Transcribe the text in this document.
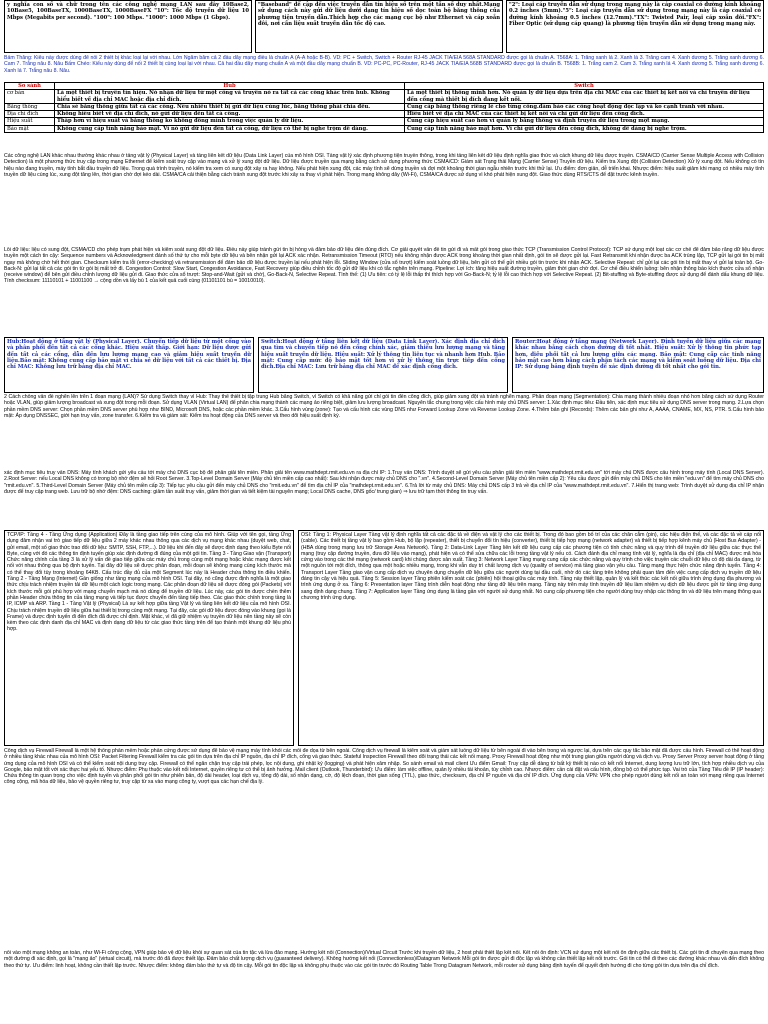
y nghĩa con số và chữ trong tên các công nghệ mạng LAN sau đây 10Base2, 10Base5, 100BaseTX, 1000BaseTX, 1000BaseFX "10": Tốc độ truyền dữ liệu 10 Mbps (Megabits per second). "100": 100 Mbps. "1000": 1000 Mbps (1 Gbps).

"Baseband" để cập đến việc truyền dẫn tín hiệu số trên một tần số duy nhất.Mạng sử dụng cách này gửi dữ liệu dưới dạng tín hiệu số dọc toàn bộ băng thông của phương tiện truyền dẫn.Thích hợp cho các mạng cục bộ như Ethernet và cáp xoắn đôi, nơi cần liệu suất truyền dẫn tốc độ cao.

"2": Loại cáp truyền dẫn sử dụng trong mạng này là cáp coaxial có đường kính khoảng 0.2 inches (5mm)."5": Loại cáp truyền dẫn sử dụng trong mạng này là cáp coaxial có đường kính khoảng 0.5 inches (12.7mm)."TX": Twisted Pair, loại cáp xoắn đôi."FX": Fiber Optic (sử dụng cáp quang) là phương tiện truyền dẫn sử dụng trong mạng này.

Bấm Thẳng: Kiểu này được dùng để nối 2 thiết bị khác loại lại với nhau. Lớn Ngắm bắm cả 2 đầu dây mạng điều là chuẩn A (A-A hoặc B-B). VD: PC + Switch, Switch + Router RJ-45 JACK TIA/EIA 568A STANDARD được gọi là chuẩn A. T568A: 1. Trắng xanh lá 2. Xanh lá 3. Trắng cam 4. Xanh dương 5. Trắng xanh dương 6. Cam 7. Trắng nâu 8. Nâu Bấm Chéo: Kiểu này dùng để nối 2 thiết bị cùng loại lại với nhau. Cả hai đầu dây mạng chuẩn A và một đầu dây mạng chuẩn B. VD: PC-PC, PC-Router, RJ-45 JACK TIA/EIA 568B STANDARD được gọi là chuẩn B. T568B: 1. Trắng cam 2. Cam 3. Trắng xanh lá 4. Xanh dương 5. Trắng xanh dương 6. Xanh lá 7. Trắng nâu 8. Nâu.

So sánh	Hub	Switch
cơ bản	Là một thiết bị truyền tín hiệu. Nó nhận dữ liệu từ một cổng và truyền nó ra tất cả các cổng khác trên hub. Không hiểu biết về địa chỉ MAC hoặc địa chỉ đích.	Là một thiết bị thông minh hơn. Nó quản lý dữ liệu dựa trên địa chỉ MAC của các thiết bị kết nối và chỉ truyền dữ liệu đến cổng mà thiết bị đích đang kết nối.
Băng thông	Chia sẻ băng thông giữa tất cả các cổng. Nếu nhiều thiết bị gửi dữ liệu cùng lúc, băng thông phải chia đều.	Cung cấp băng thông riêng lẻ cho từng cổng.đảm bảo các cổng hoạt động độc lập và ko cạnh tranh với nhau.
Địa chỉ đích	Không hiểu biết về địa chỉ đích, nó gửi dữ liệu đến tất cả cổng.	Hiểu biết về địa chỉ MAC của các thiết bị kết nối và chỉ gửi dữ liệu đến cổng đích.
Hiệu suất	Thấp hơn vì hiệu suất và băng thông ko không đồng mình trong việc quản lý dữ liệu.	Cung cấp hiệu suất cao hơn vì quản lý băng thông và định truyền dữ liệu trong một mạng.
Bảo mật	Không cung cấp tính năng bảo mật. Vì nó gửi dữ liệu đến tất cả cổng, dữ liệu có thể bị nghe trộm dễ dàng.	Cung cấp tính năng bảo mật hơn. Vì chỉ gửi dữ liệu đến cổng đích, không dễ dàng bị nghe trộm.

Các công nghệ LAN khác nhau thường khác nhau ở tầng vật lý (Physical Layer) và tầng liên kết dữ liệu (Data Link Layer) của mô hình OSI. Tầng vật lý xác định phương tiện truyền thông, trong khi tầng liên kết dữ liệu định nghĩa giao thức và cách khung dữ liệu được truyền. CSMA/CD (Carrier Sense Multiple Access with Collision Detection) là một phương thức truy cập trong mạng Ethernet để kiểm soát truy cập vào mạng và xử lý xung đột dữ liệu. Dữ liệu được truyền qua mạng bằng cách sử dụng phương thức CSMA/CD: Giám sát Trạng thái Mạng (Carrier Sense) Truyền dữ liệu. Kiểm tra Xung đột (Collision Detection) Xử lý xung đột. Nếu không có tín hiệu nào đang truyền, máy tính bắt đầu truyền dữ liệu. Trong quá trình truyền, nó kiểm tra xem có xung đột xảy ra hay không. Nếu phát hiện xung đột, các máy tính sẽ dừng truyền và đợi một khoảng thời gian ngẫu nhiên trước khi thử lại. Ưu điểm: đơn giản, dễ triển khai. Nhược điểm: hiệu suất giảm khi mạng có nhiều máy tính truyền dữ liệu cùng lúc, xung đột tăng lên, thời gian chờ đợi kéo dài. CSMA/CA cải thiện bằng cách tránh xung đột trước khi xảy ra thay vì phát hiện. Trong mạng không dây (Wi-Fi), CSMA/CA được sử dụng vì khó phát hiện xung đột. Giao thức dùng RTS/CTS để đặt trước kênh truyền.

Lỗi dữ liệu: liệu có sung đột, CSMA/CD cho phép trạm phát hiện và kiểm soát xung đột dữ liệu. Điều này giúp tránh gửi tin bị hỏng và đảm bảo dữ liệu đến đúng đích. Cơ giải quyết vấn đề tin gửi đi và mất gói trong giao thức TCP (Transmission Control Protocol): TCP sử dụng một loạt các cơ chế để đảm bảo rằng dữ liệu được truyền một cách tin cậy: Sequence numbers và Acknowledgment đánh số thứ tự cho mỗi byte dữ liệu và bên nhận gửi lại ACK xác nhận. Retransmission Timeout (RTO) nếu không nhận được ACK trong khoảng thời gian nhất định, gói tin sẽ được gửi lại. Fast Retransmit khi nhận được ba ACK trùng lặp, TCP gửi lại gói tin bị mất ngay mà không chờ hết thời gian. Checksum kiểm tra lỗi (error-checking) và retransmission để đảm bảo dữ liệu được truyền lại nếu phát hiện lỗi. Sliding Window (cửa sổ trượt) kiểm soát luồng dữ liệu, bên gửi có thể gửi nhiều gói tin trước khi nhận ACK. Selective Repeat: chỉ gửi lại các gói tin bị mất thay vì gửi lại toàn bộ. Go-Back-N: gửi lại tất cả các gói tin từ gói bị mất trở đi. Congestion Control: Slow Start, Congestion Avoidance, Fast Recovery giúp điều chỉnh tốc độ gửi dữ liệu khi có tắc nghẽn trên mạng. Pipeline: Lợi ích: tăng hiệu suất đường truyền, giảm thời gian chờ đợi. Cơ chế điều khiển luồng: bên nhận thông báo kích thước cửa sổ nhận (receive window) để bên gửi điều chỉnh lượng dữ liệu gửi đi. Giao thức cửa sổ trượt: Stop-and-Wait (gửi và chờ), Go-Back-N, Selective Repeat. Tình thế: (1) Ưu tiên: có tỷ lệ lỗi thấp thì thích hợp với Go-Back-N; tỷ lệ lỗi cao thích hợp với Selective Repeat. (2) Bit-stuffing và Byte-stuffing được sử dụng để đánh dấu khung dữ liệu. Tính checksum: 11110101 + 11001100 → cộng dồn và lấy bù 1 của kết quả cuối cùng (01101101 bù = 10010010).

Hub:Hoạt động ở tầng vật lý (Physical Layer). Chuyển tiếp dữ liệu từ một cổng vào và phân phối đến tất cả các cổng khác. Hiệu suất thấp. Giới hạn: Dữ liệu được gửi đến tất cả các cổng, dẫn đến lưu lượng mạng cao và giảm hiệu suất truyền dữ liệu.Bảo mật: Không cung cấp bảo mật vì chia sẻ dữ liệu với tất cả các thiết bị. Địa chỉ MAC: Không lưu trữ bảng địa chỉ MAC.

Switch:Hoạt động ở tầng liên kết dữ liệu (Data Link Layer). Xác định địa chỉ đích qua tìm và chuyển tiếp nó đến cổng chính xác, giảm thiểu lưu lượng mạng và tăng hiệu suất truyền dữ liệu. Hiệu suất: Xử lý thông tin liên tục và nhanh hơn Hub. Bảo mật: Cung cấp mức độ bảo mật tốt hơn vì xử lý thông tin trực tiếp đến cổng đích.Địa chỉ MAC: Lưu trữ bảng địa chỉ MAC để xác định cổng đích.

Router:Hoạt động ở tầng mạng (Network Layer). Định tuyến dữ liệu giữa các mạng khác nhau bằng cách chọn đường đi tốt nhất. Hiệu suất: Xử lý thông tin phức tạp hơn, điều phối tất cả lưu lượng giữa các mạng. Bảo mật: Cung cấp các tính năng bảo mật cao hơn bằng cách phân tách các mạng và kiểm soát luồng dữ liệu. Địa chỉ IP: Sử dụng bảng định tuyến để xác định đường đi tốt nhất cho gói tin.

2 Cách chống vấn đề nghẽn lên trên 1 đoạn mạng (LAN)? Sử dụng Switch thay vì Hub: Thay thế thiết bị tập trung Hub bằng Switch, vì Switch có khả năng gửi chỉ gói tin đến cổng đích, giúp giảm xung đột và tránh nghẽn mạng. Phân đoạn mạng (Segmentation): Chia mạng thành nhiều đoạn nhỏ hơn bằng cách sử dụng Router hoặc VLAN, giúp giảm lượng broadcast và xung đột trong mỗi đoạn. Sử dụng VLAN (Virtual LAN) để phân chia mạng thành các mạng ảo riêng biệt, giảm lưu lượng broadcast. Nguyên tắc chung trong việc cấu hình máy chủ DNS server: 1.Xác định mục tiêu: Đầu tiên, xác định mục tiêu sử dụng DNS server trong mạng. 2.Lựa chọn phần mềm DNS server: Chọn phần mềm DNS server phù hợp như BIND, Microsoft DNS, hoặc các phần mềm khác. 3.Cấu hình vùng (zone): Tạo và cấu hình các vùng DNS như Forward Lookup Zone và Reverse Lookup Zone. 4.Thêm bản ghi (Records): Thêm các bản ghi như A, AAAA, CNAME, MX, NS, PTR. 5.Cấu hình bảo mật: Áp dụng DNSSEC, giới hạn truy vấn, zone transfer. 6.Kiểm tra và giám sát: Kiểm tra hoạt động của DNS server và theo dõi hiệu suất định kỳ.

xác định mục tiêu truy vấn DNS: Máy tính khách gửi yêu cầu tới máy chủ DNS cục bộ để phân giải tên miền. Phân giải tên www.mathdept.rmit.edu.vn ra địa chỉ IP: 1.Truy vấn DNS: Trình duyệt sẽ gửi yêu cầu phân giải tên miền "www.mathdept.rmit.edu.vn" tới máy chủ DNS được cấu hình trong máy tính (Local DNS Server). 2.Root Server: nếu Local DNS không có trong bộ nhớ đệm sẽ hỏi Root Server. 3.Top-Level Domain Server (Máy chủ tên miền cấp cao nhất): Sau khi nhận được máy chủ DNS cho ".vn". 4.Second-Level Domain Server (Máy chủ tên miền cấp 2): Yêu cầu được gửi đến máy chủ DNS cho tên miền "edu.vn" để tìm máy chủ DNS cho "rmit.edu.vn". 5.Third-Level Domain Server (Máy chủ tên miền cấp 3): Tiếp tục yêu cầu gửi đến máy chủ DNS cho "rmit.edu.vn" để tìm địa chỉ IP của "mathdept.rmit.edu.vn". 6.Trả lời từ máy chủ DNS: Máy chủ DNS cấp 3 trả về địa chỉ IP của "www.mathdept.rmit.edu.vn". 7.Hiển thị trang web: Trình duyệt sử dụng địa chỉ IP nhận được để truy cập trang web. Lưu trữ bộ nhớ đệm: DNS caching: giảm tần suất truy vấn, giảm thời gian và tiết kiệm tài nguyên mạng; Local DNS cache, DNS gốc/ trung gian) ⇒ lưu trữ tạm thời thông tin truy vấn.

TCP/IP: Tầng 4 - Tầng Ứng dụng (Application) Đây là tầng giao tiếp trên cùng của mô hình. Giúp với tên gọi, tầng Ứng dụng đảm nhận vai trò giao tiếp dữ liệu giữa 2 máy khác nhau thông qua các dịch vụ mạng khác nhau (duyệt web, chat, gửi email, một số giao thức trao đổi dữ liệu: SMTP, SSH, FTP,...). Dữ liệu khi đến đây sẽ được định dạng theo kiểu Byte nối Byte, cùng với đó các thông tin định tuyến giúp xác định đường đi đúng của một gói tin. Tầng 3 - Tầng Giao vận (Transport) Chức năng chính của tầng 3 là xử lý vấn đề giao tiếp giữa các máy chủ trong cùng một mạng hoặc khác mạng được kết nối với nhau thông qua bộ định tuyến. Tại đây dữ liệu sẽ được phân đoạn, mỗi đoạn sẽ không mang cùng kích thước mà có thể thay đổi tùy trong khoảng 64KB. Cấu trúc đầy đủ của một Segment lúc này là Header chứa thông tin điều khiển. Tầng 2 - Tầng Mạng (Internet) Gần giống như tầng mạng của mô hình OSI. Tại đây, nó cũng được định nghĩa là một giao thức chịu trách nhiệm truyền tải dữ liệu một cách logic trong mạng. Các phân đoạn dữ liệu sẽ được đóng gói (Packets) với kích thước mỗi gói phù hợp với mạng chuyển mạch mà nó dùng để truyền dữ liệu. Lúc này, các gói tin được chèn thêm phần Header chứa thông tin của tầng mạng và tiếp tục được chuyển đến tầng tiếp theo. Các giao thức chính trong tầng là IP, ICMP và ARP. Tầng 1 - Tầng Vật lý (Physical) Là sự kết hợp giữa tầng Vật lý và tầng liên kết dữ liệu của mô hình OSI. Chịu trách nhiệm truyền dữ liệu giữa hai thiết bị trong cùng một mạng. Tại đây, các gói dữ liệu được đóng vào khung (gọi là Frame) và được định tuyến đi đến đích đã được chỉ định. Mặt khác, vì đã giữ nhiệm vụ truyền dữ liệu nên tầng này sẽ còn kèm theo các định danh địa chỉ MAC và định dạng dữ liệu từ các giao thức tầng trên để tạo thành một khung dữ liệu phù hợp.

OSI: Tầng 1: Physical Layer Tầng vật lý định nghĩa tất cả các đặc tả về điện và vật lý cho các thiết bị. Trong đó bao gồm bố trí của các chân cắm (pin), các hiệu điện thế, và các đặc tả về cáp nối (cable). Các thiết bị tầng vật lý bao gồm Hub, bộ lặp (repeater), thiết bị chuyển đổi tín hiệu (converter), thiết bị tiếp hợp mạng (network adapter) và thiết bị tiếp hợp kênh máy chủ (Host Bus Adapter) - (HBA dùng trong mạng lưu trữ Storage Area Network). Tầng 2: Data-Link Layer Tầng liên kết dữ liệu cung cấp các phương tiện có tính chức năng và quy trình để truyền dữ liệu giữa các thực thể mạng (truy cập đường truyền, đưa dữ liệu vào mạng), phát hiện và có thể sửa chữa các lỗi trong tầng vật lý nếu có. Cách đánh địa chỉ mang tính vật lý, nghĩa là địa chỉ (địa chỉ MAC) được mã hóa cứng vào trong các thẻ mạng (network card) khi chúng được sản xuất. Tầng 3: Network Layer Tầng mạng cung cấp các chức năng và quy trình cho việc truyền các chuỗi dữ liệu có độ dài đa dạng, từ một nguồn tới một đích, thông qua một hoặc nhiều mạng, trong khi vẫn duy trì chất lượng dịch vụ (quality of service) mà tầng giao vận yêu cầu. Tầng mạng thực hiện chức năng định tuyến. Tầng 4: Transport Layer Tầng giao vận cung cấp dịch vụ chuyên dụng chuyển dữ liệu giữa các người dùng tại đầu cuối, nhờ đó các tầng trên không phải quan tâm đến việc cung cấp dịch vụ truyền dữ liệu đáng tin cậy và hiệu quả. Tầng 5: Session layer Tầng phiên kiểm soát các (phiên) hội thoại giữa các máy tính. Tầng này thiết lập, quản lý và kết thúc các kết nối giữa trình ứng dụng địa phương và trình ứng dụng ở xa. Tầng 6: Presentation layer Tầng trình diễn hoạt động như tầng dữ liệu trên mạng. Tầng này trên máy tính truyền dữ liệu làm nhiệm vụ dịch dữ liệu được gửi từ tầng ứng dụng sang định dạng chung. Tầng 7: Application layer Tầng ứng dụng là tầng gần với người sử dụng nhất. Nó cung cấp phương tiện cho người dùng truy nhập các thông tin và dữ liệu trên mạng thông qua chương trình ứng dụng.

Cổng dịch vụ Firewall Firewall là một hệ thống phần mềm hoặc phần cứng được sử dụng để bảo vệ mạng máy tính khỏi các mối đe dọa từ bên ngoài. Cổng dịch vụ firewall là kiểm soát và giám sát luồng dữ liệu từ bên ngoài đi vào bên trong và ngược lại, dựa trên các quy tắc bảo mật đã được cấu hình. Firewall có thể hoạt động ở nhiều tầng khác nhau của mô hình OSI: Packet Filtering Firewall kiểm tra các gói tin dựa trên địa chỉ IP nguồn, địa chỉ IP đích, cổng và giao thức. Stateful Inspection Firewall theo dõi trạng thái các kết nối mạng. Proxy Firewall hoạt động như một trung gian giữa người dùng và dịch vụ. Proxy Server Proxy server hoạt động ở tầng ứng dụng của mô hình OSI và có thể kiểm soát nội dung truy cập. Firewall có thể ngăn chặn truy cập trái phép, lọc nội dung, ghi nhật ký (logging) và phát hiện xâm nhập. So sánh email và mail client Ưu điểm Gmail: Truy cập dễ dàng từ bất kỳ thiết bị nào có kết nối Internet, dung lượng lưu trữ lớn, tích hợp nhiều dịch vụ của Google, bảo mật tốt với xác thực hai yếu tố. Nhược điểm: Phụ thuộc vào kết nối Internet, quyền riêng tư có thể bị ảnh hưởng. Mail client (Outlook, Thunderbird): Ưu điểm: làm việc offline, quản lý nhiều tài khoản, tùy chỉnh cao. Nhược điểm: cần cài đặt và cấu hình, đồng bộ có thể phức tạp. Vai trò của Tầng Tiêu đề IP (IP header): Chứa thông tin quan trọng cho việc định tuyến và phân phối gói tin như phiên bản, độ dài header, loại dịch vụ, tổng độ dài, số nhận dạng, cờ, độ lệch đoạn, thời gian sống (TTL), giao thức, checksum, địa chỉ IP nguồn và địa chỉ IP đích. Ứng dụng của VPN: VPN cho phép người dùng kết nối an toàn với mạng riêng qua Internet công cộng, mã hóa dữ liệu, bảo vệ quyền riêng tư, truy cập từ xa vào mạng công ty, vượt qua các hạn chế địa lý.

nối vào một mạng không an toàn, như Wi-Fi công cộng, VPN giúp bảo vệ dữ liệu khỏi sự quan sát của tin tặc và lừa đảo mạng. Hướng kết nối (Connection)/Virtual Circuit Trước khi truyền dữ liệu, 2 host phải thiết lập kết nối. Kết nối ổn định: VCN sử dụng một kết nối ổn định giữa các thiết bị. Các gói tin đi chuyển qua mạng theo một đường đi xác định, gọi là "mạng ảo" (virtual circuit), mà trước đó đã được thiết lập. Đảm bảo chất lượng dịch vụ (guaranteed delivery). Không hướng kết nối (Connectionless)/Datagram Network Mỗi gói tin được gửi đi độc lập và không cần thiết lập kết nối trước. Gói tin có thể đi theo các đường khác nhau và đến đích không theo thứ tự. Ưu điểm: linh hoạt, không cần thiết lập trước. Nhược điểm: không đảm bảo thứ tự và độ tin cậy. Mỗi gói tin độc lập và không phụ thuộc vào các gói tin trước đó Routing Table Trong Datagram Network, mỗi router sử dụng bảng định tuyến để quyết định hướng đi cho từng gói tin dựa trên địa chỉ đích.
